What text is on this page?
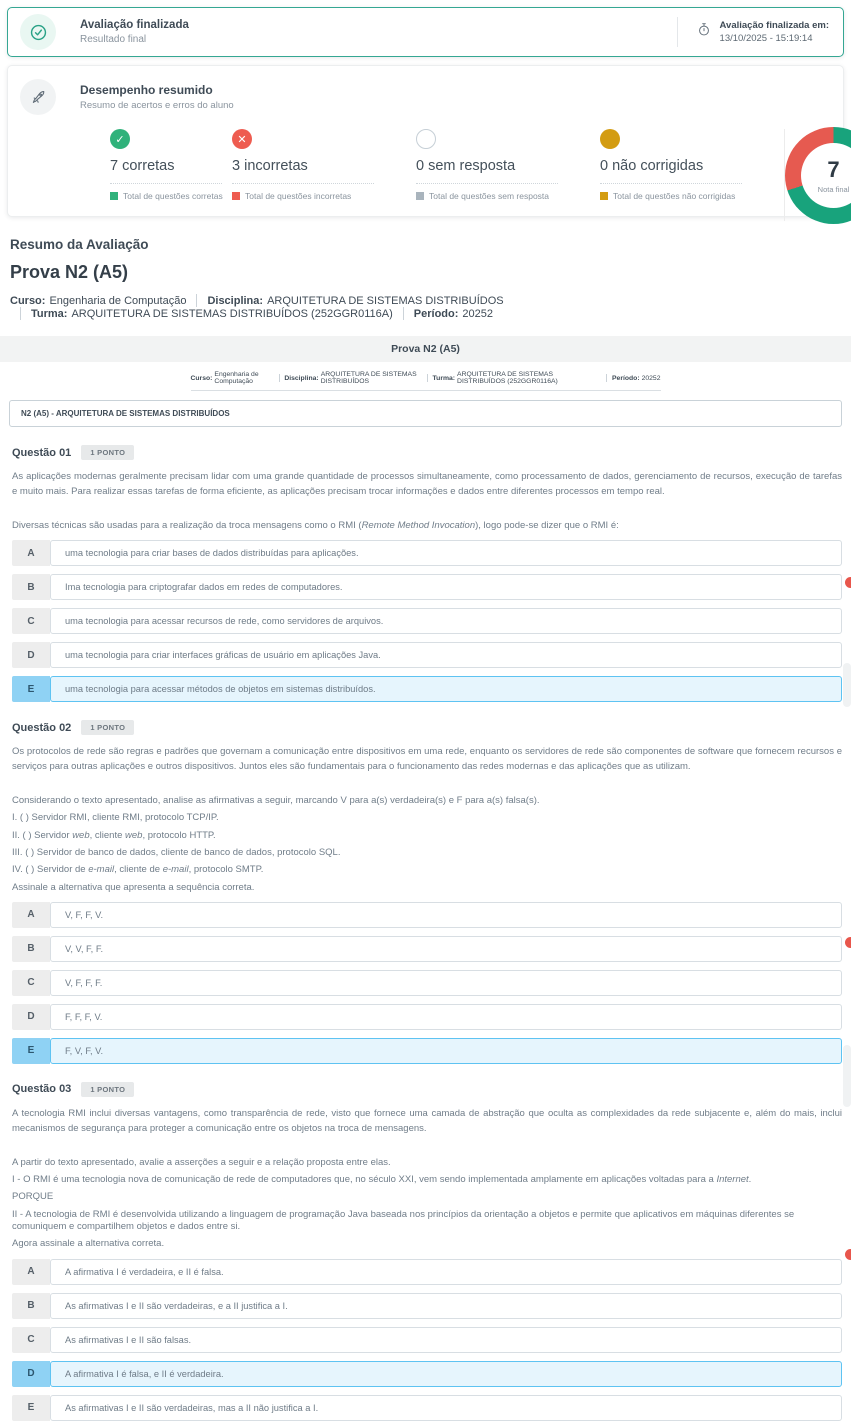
Avaliação finalizada
Resultado final
Avaliação finalizada em:
13/10/2025 - 15:19:14
Desempenho resumido
Resumo de acertos e erros do aluno
✓
7 corretas
Total de questões corretas
✕
3 incorretas
Total de questões incorretas
0 sem resposta
Total de questões sem resposta
0 não corrigidas
Total de questões não corrigidas
7
Nota final
Resumo da Avaliação
Prova N2 (A5)
Curso: Engenharia de Computação Disciplina: ARQUITETURA DE SISTEMAS DISTRIBUÍDOS
Turma: ARQUITETURA DE SISTEMAS DISTRIBUÍDOS (252GGR0116A) Período: 20252
Prova N2 (A5)
Curso: Engenharia de Computação	Disciplina: ARQUITETURA DE SISTEMAS DISTRIBUÍDOS	Turma: ARQUITETURA DE SISTEMAS DISTRIBUÍDOS (252GGR0116A)	Período: 20252
N2 (A5) - ARQUITETURA DE SISTEMAS DISTRIBUÍDOS
Questão 01	1 PONTO

As aplicações modernas geralmente precisam lidar com uma grande quantidade de processos simultaneamente, como processamento de dados, gerenciamento de recursos, execução de tarefas e muito mais. Para realizar essas tarefas de forma eficiente, as aplicações precisam trocar informações e dados entre diferentes processos em tempo real.

Diversas técnicas são usadas para a realização da troca mensagens como o RMI (Remote Method Invocation), logo pode-se dizer que o RMI é:

A	uma tecnologia para criar bases de dados distribuídas para aplicações.
B	Ima tecnologia para criptografar dados em redes de computadores.
C	uma tecnologia para acessar recursos de rede, como servidores de arquivos.
D	uma tecnologia para criar interfaces gráficas de usuário em aplicações Java.
E	uma tecnologia para acessar métodos de objetos em sistemas distribuídos.
Questão 02	1 PONTO

Os protocolos de rede são regras e padrões que governam a comunicação entre dispositivos em uma rede, enquanto os servidores de rede são componentes de software que fornecem recursos e serviços para outras aplicações e outros dispositivos. Juntos eles são fundamentais para o funcionamento das redes modernas e das aplicações que as utilizam.

Considerando o texto apresentado, analise as afirmativas a seguir, marcando V para a(s) verdadeira(s) e F para a(s) falsa(s).

I. ( ) Servidor RMI, cliente RMI, protocolo TCP/IP.

II. ( ) Servidor web, cliente web, protocolo HTTP.

III. ( ) Servidor de banco de dados, cliente de banco de dados, protocolo SQL.

IV. ( ) Servidor de e-mail, cliente de e-mail, protocolo SMTP.

Assinale a alternativa que apresenta a sequência correta.

A	V, F, F, V.
B	V, V, F, F.
C	V, F, F, F.
D	F, F, F, V.
E	F, V, F, V.
Questão 03	1 PONTO

A tecnologia RMI inclui diversas vantagens, como transparência de rede, visto que fornece uma camada de abstração que oculta as complexidades da rede subjacente e, além do mais, inclui mecanismos de segurança para proteger a comunicação entre os objetos na troca de mensagens.

A partir do texto apresentado, avalie a asserções a seguir e a relação proposta entre elas.

I - O RMI é uma tecnologia nova de comunicação de rede de computadores que, no século XXI, vem sendo implementada amplamente em aplicações voltadas para a Internet.

PORQUE

II - A tecnologia de RMI é desenvolvida utilizando a linguagem de programação Java baseada nos princípios da orientação a objetos e permite que aplicativos em máquinas diferentes se comuniquem e compartilhem objetos e dados entre si.

Agora assinale a alternativa correta.

A	A afirmativa I é verdadeira, e II é falsa.
B	As afirmativas I e II são verdadeiras, e a II justifica a I.
C	As afirmativas I e II são falsas.
D	A afirmativa I é falsa, e II é verdadeira.
E	As afirmativas I e II são verdadeiras, mas a II não justifica a I.
